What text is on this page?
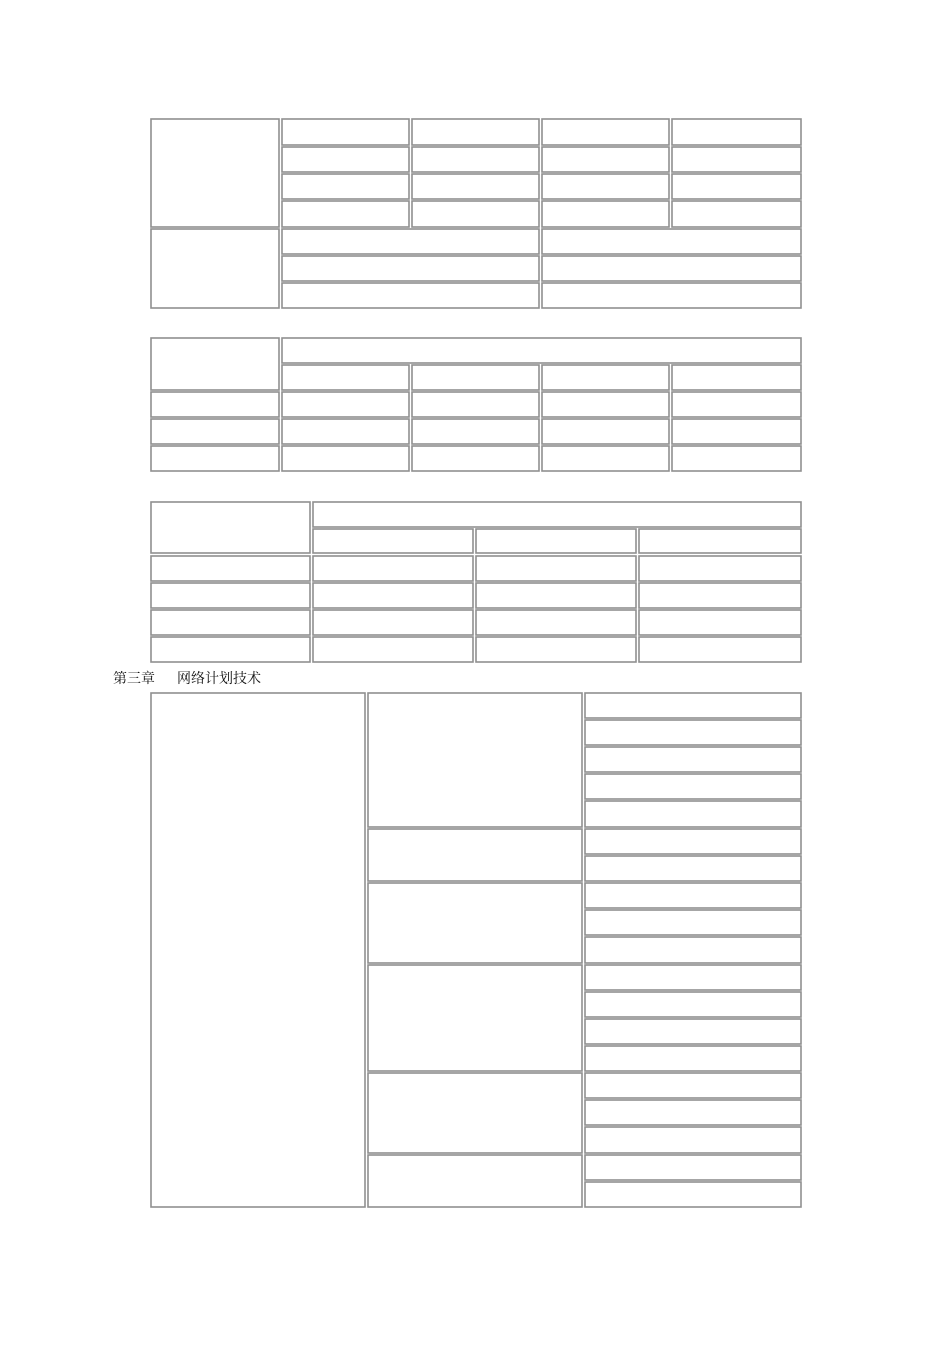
第三章 网络计划技术
